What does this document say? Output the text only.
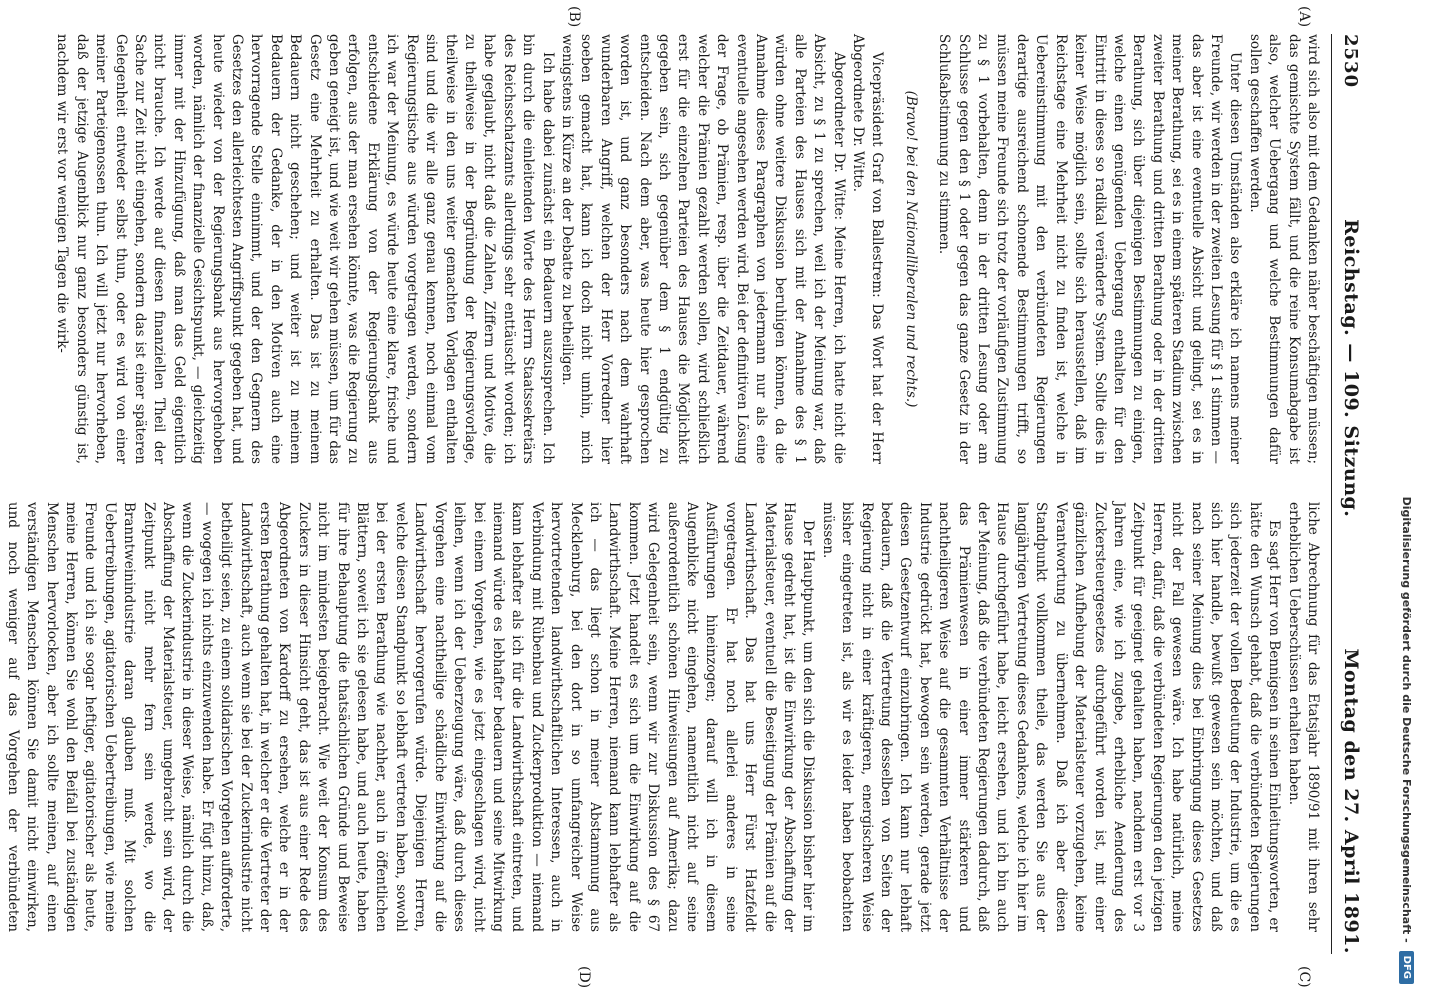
2530
Reichstag. — 109. Sitzung.
Montag den 27. April 1891.
(A)
(B)
(C)
(D)

wird sich also mit dem Gedanken näher beschäftigen müssen; das gemischte System fällt, und die reine Konsumabgabe ist also, welcher Uebergang und welche Bestimmungen dafür sollen geschaffen werden.

Unter diesen Umständen also erkläre ich namens meiner Freunde, wir werden in der zweiten Lesung für § 1 stimmen — das aber ist eine eventuelle Absicht und gelingt, sei es in meiner Berathung, sei es in einem späteren Stadium zwischen zweiter Berathung und dritten Berathung oder in der dritten Berathung, sich über diejenigen Bestimmungen zu einigen, welche einen genügenden Uebergang enthalten für den Eintritt in dieses so radikal veränderte System. Sollte dies in keiner Weise möglich sein, sollte sich herausstellen, daß im Reichstage eine Mehrheit nicht zu finden ist, welche in Uebereinstimmung mit den verbündeten Regierungen derartige ausreichend schonende Bestimmungen trifft, so müssen meine Freunde sich trotz der vorläufigen Zustimmung zu § 1 vorbehalten, denn in der dritten Lesung oder am Schlusse gegen den § 1 oder gegen das ganze Gesetz in der Schlußabstimmung zu stimmen.

(Bravo! bei den Nationalliberalen und rechts.)

Vicepräsident Graf von Ballestrem: Das Wort hat der Herr Abgeordnete Dr. Witte.

Abgeordneter Dr. Witte: Meine Herren, ich hatte nicht die Absicht, zu § 1 zu sprechen, weil ich der Meinung war, daß alle Parteien des Hauses sich mit der Annahme des § 1 würden ohne weitere Diskussion beruhigen können, da die Annahme dieses Paragraphen von jedermann nur als eine eventuelle angesehen werden wird. Bei der definitiven Lösung der Frage, ob Prämien, resp. über die Zeitdauer, während welcher die Prämien gezahlt werden sollen, wird schließlich erst für die einzelnen Parteien des Hauses die Möglichkeit gegeben sein, sich gegenüber dem § 1 endgültig zu entscheiden. Nach dem aber, was heute hier gesprochen worden ist, und ganz besonders nach dem wahrhaft wunderbaren Angriff, welchen der Herr Vorredner hier soeben gemacht hat, kann ich doch nicht umhin, mich wenigstens in Kürze an der Debatte zu betheiligen.

Ich habe dabei zunächst ein Bedauern auszusprechen. Ich bin durch die einleitenden Worte des Herrn Staatssekretärs des Reichsschatzamts allerdings sehr enttäuscht worden; ich habe geglaubt, nicht daß die Zahlen, Ziffern und Motive, die zu theilweise in der Begründung der Regierungsvorlage, theilweise in den uns weiter gemachten Vorlagen enthalten sind und die wir alle ganz genau kennen, noch einmal vom Regierungstische aus würden vorgetragen werden, sondern ich war der Meinung, es würde heute eine klare, frische und entschiedene Erklärung von der Regierungsbank aus erfolgen, aus der man ersehen könnte, was die Regierung zu geben geneigt ist, und wie weit wir gehen müssen, um für das Gesetz eine Mehrheit zu erhalten. Das ist zu meinem Bedauern nicht geschehen; und weiter ist zu meinem Bedauern der Gedanke, der in den Motiven auch eine hervorragende Stelle einnimmt, und der den Gegnern des Gesetzes den allerleichtesten Angriffspunkt gegeben hat, und heute wieder von der Regierungsbank aus hervorgehoben worden, nämlich der finanzielle Gesichtspunkt, — gleichzeitig immer mit der Hinzufügung, daß man das Geld eigentlich nicht brauche. Ich werde auf diesen finanziellen Theil der Sache zur Zeit nicht eingehen, sondern das ist einer späteren Gelegenheit entweder selbst thun, oder es wird von einer meiner Parteigenossen thun. Ich will jetzt nur hervorheben, daß der jetzige Augenblick nur ganz besonders günstig ist, nachdem wir erst vor wenigen Tagen die wirk-

liche Abrechnung für das Etatsjahr 1890/91 mit ihren sehr erheblichen Ueberschüssen erhalten haben.

Es sagt Herr von Bennigsen in seinen Einleitungsworten, er hätte den Wunsch gehabt, daß die verbündeten Regierungen sich jederzeit der vollen Bedeutung der Industrie, um die es sich hier handle, bewußt gewesen sein möchten, und daß nach seiner Meinung dies bei Einbringung dieses Gesetzes nicht der Fall gewesen wäre. Ich habe natürlich, meine Herren, dafür, daß die verbündeten Regierungen den jetzigen Zeitpunkt für geeignet gehalten haben, nachdem erst vor 3 Jahren eine, wie ich zugebe, erhebliche Aenderung des Zuckersteuergesetzes durchgeführt worden ist, mit einer gänzlichen Aufhebung der Materialsteuer vorzugehen, keine Verantwortung zu übernehmen. Daß ich aber diesen Standpunkt vollkommen theile, das werden Sie aus der langjährigen Vertretung dieses Gedankens, welche ich hier im Hause durchgeführt habe, leicht ersehen, und ich bin auch der Meinung, daß die verbündeten Regierungen dadurch, daß das Prämienwesen in einer immer stärkeren und nachtheiligeren Weise auf die gesammten Verhältnisse der Industrie gedrückt hat, bewogen sein werden, gerade jetzt diesen Gesetzentwurf einzubringen. Ich kann nur lebhaft bedauern, daß die Vertretung desselben von Seiten der Regierung nicht in einer kräftigeren, energischeren Weise bisher eingetreten ist, als wir es leider haben beobachten müssen.

Der Hauptpunkt, um den sich die Diskussion bisher hier im Hause gedreht hat, ist die Einwirkung der Abschaffung der Materialsteuer, eventuell die Beseitigung der Prämien auf die Landwirthschaft. Das hat uns Herr Fürst Hatzfeldt vorgetragen. Er hat noch allerlei anderes in seine Ausführungen hineinzogen; darauf will ich in diesem Augenblicke nicht eingehen, namentlich nicht auf seine außerordentlich schönen Hinweisungen auf Amerika; dazu wird Gelegenheit sein, wenn wir zur Diskussion des § 67 kommen. Jetzt handelt es sich um die Einwirkung auf die Landwirthschaft. Meine Herren, niemand kann lebhafter als ich — das liegt schon in meiner Abstammung aus Mecklenburg, bei den dort in so umfangreicher Weise hervortretenden landwirthschaftlichen Interessen, auch in Verbindung mit Rübenbau und Zuckerproduktion — niemand kann lebhafter als ich für die Landwirthschaft eintreten, und niemand würde es lebhafter bedauern und seine Mitwirkung bei einem Vorgehen, wie es jetzt eingeschlagen wird, nicht leihen, wenn ich der Ueberzeugung wäre, daß durch dieses Vorgehen eine nachtheilige schädliche Einwirkung auf die Landwirthschaft hervorgerufen würde. Diejenigen Herren, welche diesen Standpunkt so lebhaft vertreten haben, sowohl bei der ersten Berathung wie nachher, auch in öffentlichen Blättern, soweit ich sie gelesen habe, und auch heute, haben für ihre Behauptung die thatsächlichen Gründe und Beweise nicht im mindesten beigebracht. Wie weit der Konsum des Zuckers in dieser Hinsicht geht, das ist aus einer Rede des Abgeordneten von Kardorff zu ersehen, welche er in der ersten Berathung gehalten hat, in welcher er die Vertreter der Landwirthschaft, auch wenn sie bei der Zuckerindustrie nicht betheiligt seien, zu einem solidarischen Vorgehen aufforderte, — wogegen ich nichts einzuwenden habe. Er fügt hinzu, daß, wenn die Zuckerindustrie in dieser Weise, nämlich durch die Abschaffung der Materialsteuer, umgebracht sein wird, der Zeitpunkt nicht mehr fern sein werde, wo die Branntweinindustrie daran glauben muß. Mit solchen Uebertreibungen, agitatorischen Uebertreibungen, wie meine Freunde und ich sie sogar heftiger, agitatorischer als heute, meine Herren, können Sie wohl den Beifall bei zuständigen Menschen hervorlocken, aber ich sollte meinen, auf einen verständigen Menschen können Sie damit nicht einwirken, und noch weniger auf das Vorgehen der verbündeten	Digitalisierung gefördert durch die Deutsche Forschungsgemeinschaft -
DFG
